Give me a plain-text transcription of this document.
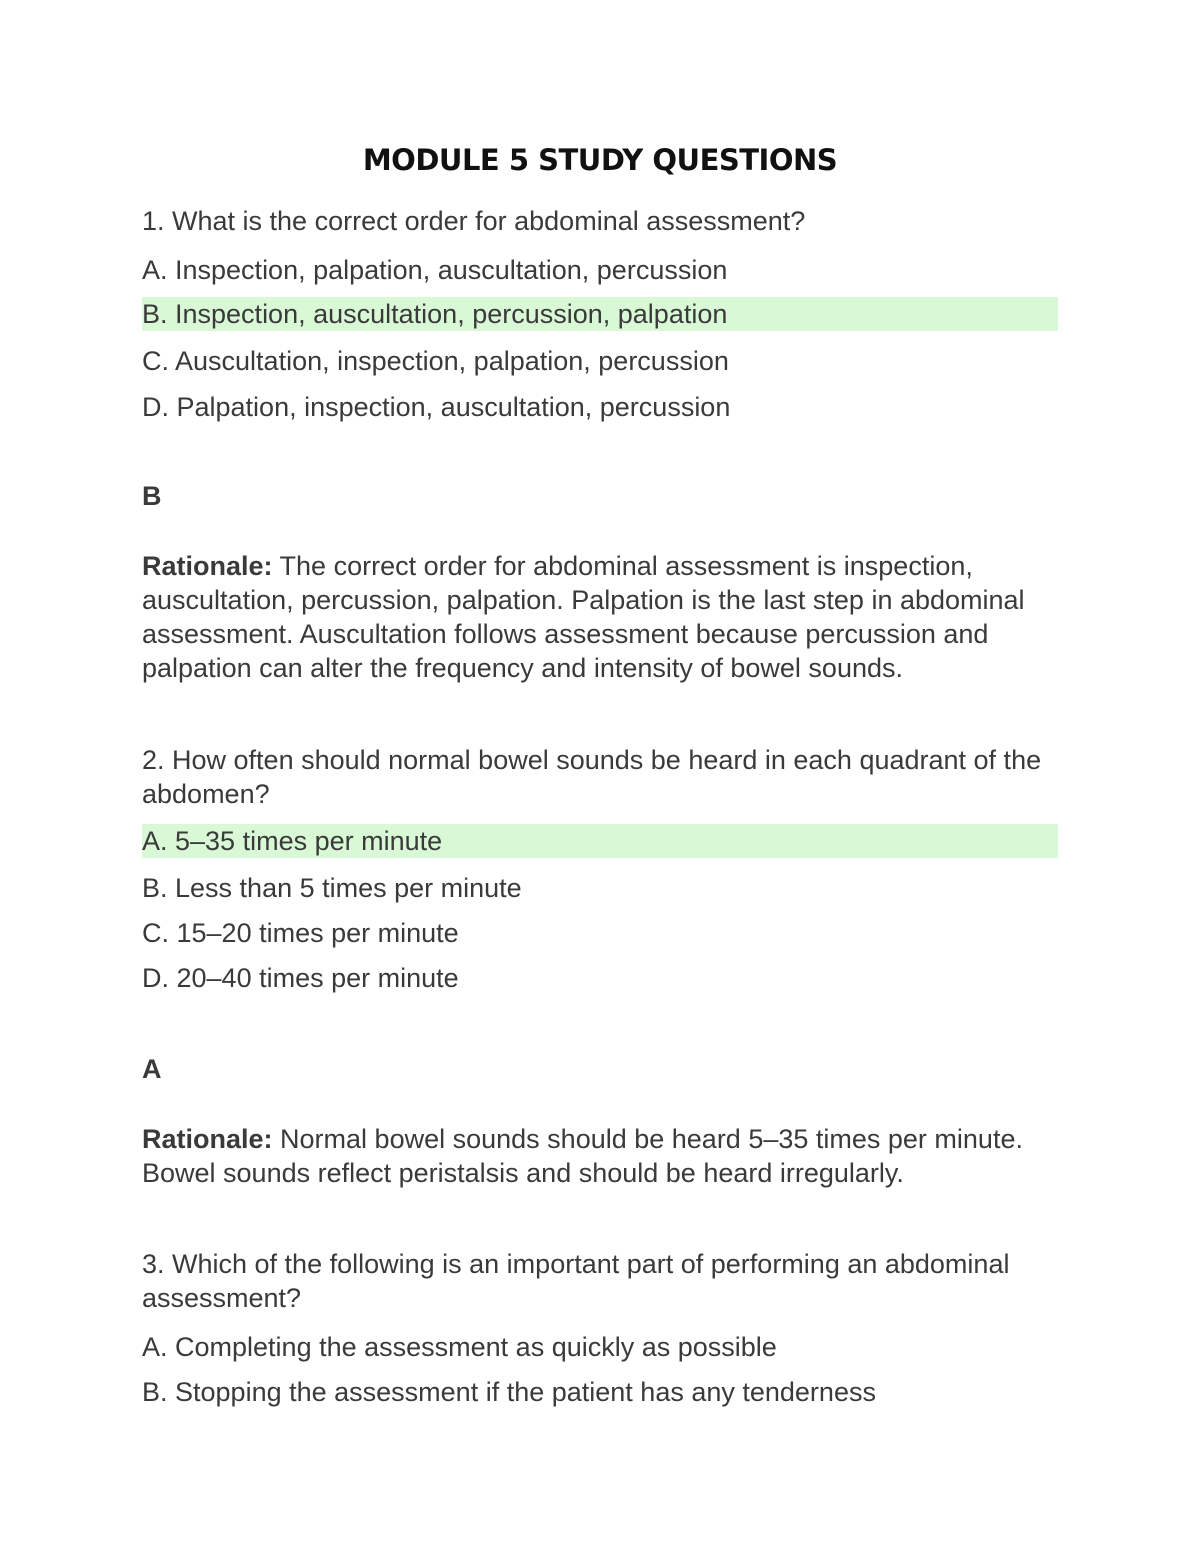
MODULE 5 STUDY QUESTIONS
1. What is the correct order for abdominal assessment?
A. Inspection, palpation, auscultation, percussion
B. Inspection, auscultation, percussion, palpation
C. Auscultation, inspection, palpation, percussion
D. Palpation, inspection, auscultation, percussion
B
Rationale: The correct order for abdominal assessment is inspection, auscultation, percussion, palpation. Palpation is the last step in abdominal assessment. Auscultation follows assessment because percussion and palpation can alter the frequency and intensity of bowel sounds.
2. How often should normal bowel sounds be heard in each quadrant of the abdomen?
A. 5–35 times per minute
B. Less than 5 times per minute
C. 15–20 times per minute
D. 20–40 times per minute
A
Rationale: Normal bowel sounds should be heard 5–35 times per minute. Bowel sounds reflect peristalsis and should be heard irregularly.
3. Which of the following is an important part of performing an abdominal assessment?
A. Completing the assessment as quickly as possible
B. Stopping the assessment if the patient has any tenderness
